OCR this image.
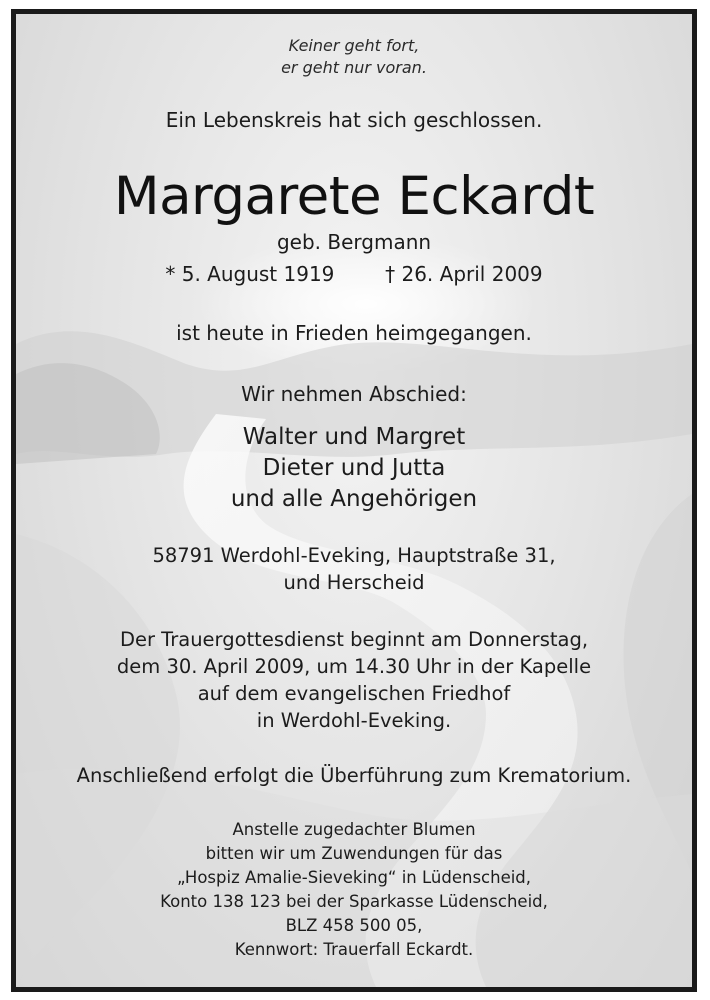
Keiner geht fort,
er geht nur voran.
Ein Lebenskreis hat sich geschlossen.
Margarete Eckardt
geb. Bergmann
* 5. August 1919	† 26. April 2009
ist heute in Frieden heimgegangen.
Wir nehmen Abschied:
Walter und Margret
Dieter und Jutta
und alle Angehörigen
58791 Werdohl-Eveking, Hauptstraße 31,
und Herscheid
Der Trauergottesdienst beginnt am Donnerstag,
dem 30. April 2009, um 14.30 Uhr in der Kapelle
auf dem evangelischen Friedhof
in Werdohl-Eveking.
Anschließend erfolgt die Überführung zum Krematorium.
Anstelle zugedachter Blumen
bitten wir um Zuwendungen für das
„Hospiz Amalie-Sieveking“ in Lüdenscheid,
Konto 138 123 bei der Sparkasse Lüdenscheid,
BLZ 458 500 05,
Kennwort: Trauerfall Eckardt.
